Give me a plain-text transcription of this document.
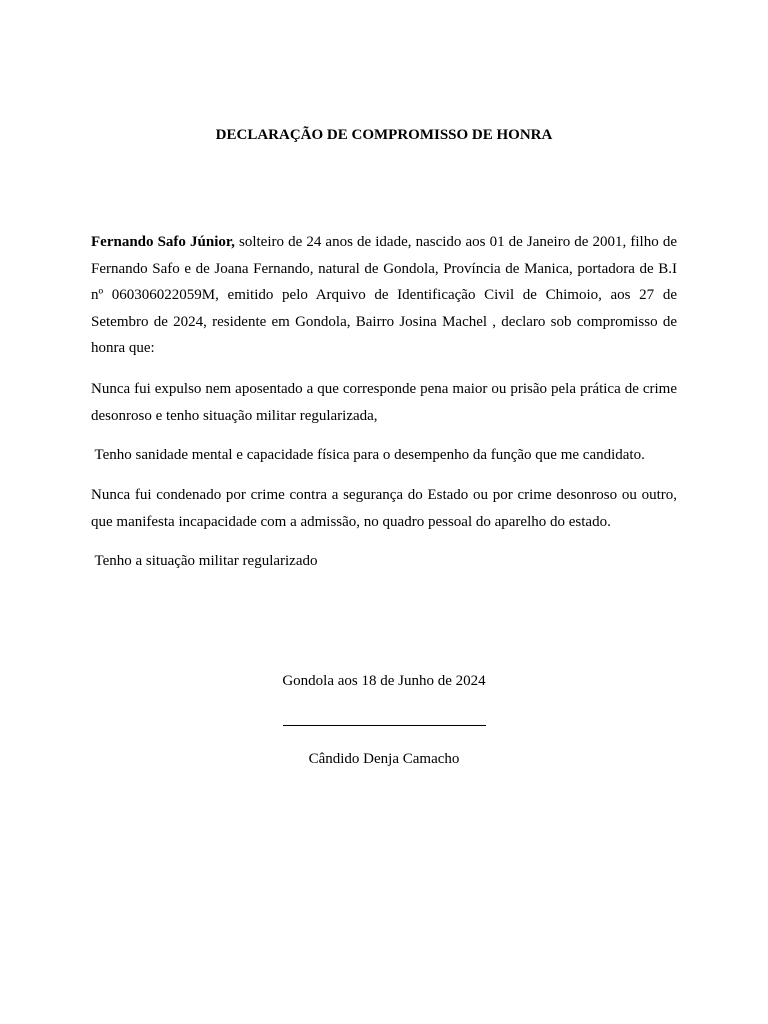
DECLARAÇÃO DE COMPROMISSO DE HONRA

Fernando Safo Júnior, solteiro de 24 anos de idade, nascido aos 01 de Janeiro de 2001, filho de Fernando Safo e de Joana Fernando, natural de Gondola, Província de Manica, portadora de B.I nº 060306022059M, emitido pelo Arquivo de Identificação Civil de Chimoio, aos 27 de Setembro de 2024, residente em Gondola, Bairro Josina Machel , declaro sob compromisso de honra que:

Nunca fui expulso nem aposentado a que corresponde pena maior ou prisão pela prática de crime desonroso e tenho situação militar regularizada,

Tenho sanidade mental e capacidade física para o desempenho da função que me candidato.

Nunca fui condenado por crime contra a segurança do Estado ou por crime desonroso ou outro, que manifesta incapacidade com a admissão, no quadro pessoal do aparelho do estado.

Tenho a situação militar regularizado

Gondola aos 18 de Junho de 2024
Cândido Denja Camacho
